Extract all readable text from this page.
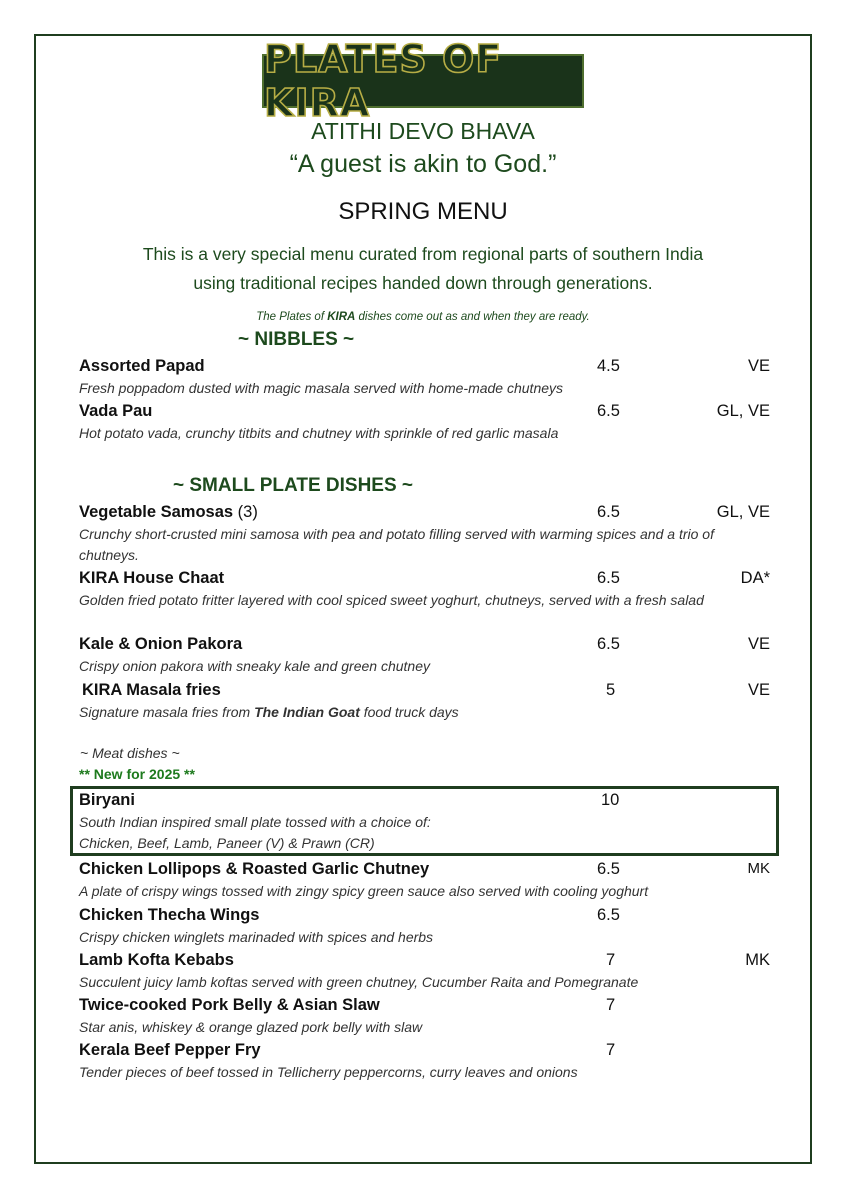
PLATES OF KIRA
ATITHI DEVO BHAVA
“A guest is akin to God.”
SPRING MENU
This is a very special menu curated from regional parts of southern India
using traditional recipes handed down through generations.
The Plates of KIRA dishes come out as and when they are ready.
~ NIBBLES ~
Assorted Papad	4.5	VE
Fresh poppadom dusted with magic masala served with home-made chutneys
Vada Pau	6.5	GL, VE
Hot potato vada, crunchy titbits and chutney with sprinkle of red garlic masala
~ SMALL PLATE DISHES ~
Vegetable Samosas (3)	6.5	GL, VE
Crunchy short-crusted mini samosa with pea and potato filling served with warming spices and a trio of chutneys.
KIRA House Chaat	6.5	DA*
Golden fried potato fritter layered with cool spiced sweet yoghurt, chutneys, served with a fresh salad
Kale & Onion Pakora	6.5	VE
Crispy onion pakora with sneaky kale and green chutney
KIRA Masala fries	5	VE
Signature masala fries from The Indian Goat food truck days
~ Meat dishes ~
** New for 2025 **
Biryani	10
South Indian inspired small plate tossed with a choice of:
Chicken, Beef, Lamb, Paneer (V) & Prawn (CR)
Chicken Lollipops & Roasted Garlic Chutney	6.5	MK
A plate of crispy wings tossed with zingy spicy green sauce also served with cooling yoghurt
Chicken Thecha Wings	6.5
Crispy chicken winglets marinaded with spices and herbs
Lamb Kofta Kebabs	7	MK
Succulent juicy lamb koftas served with green chutney, Cucumber Raita and Pomegranate
Twice-cooked Pork Belly & Asian Slaw	7
Star anis, whiskey & orange glazed pork belly with slaw
Kerala Beef Pepper Fry	7
Tender pieces of beef tossed in Tellicherry peppercorns, curry leaves and onions
